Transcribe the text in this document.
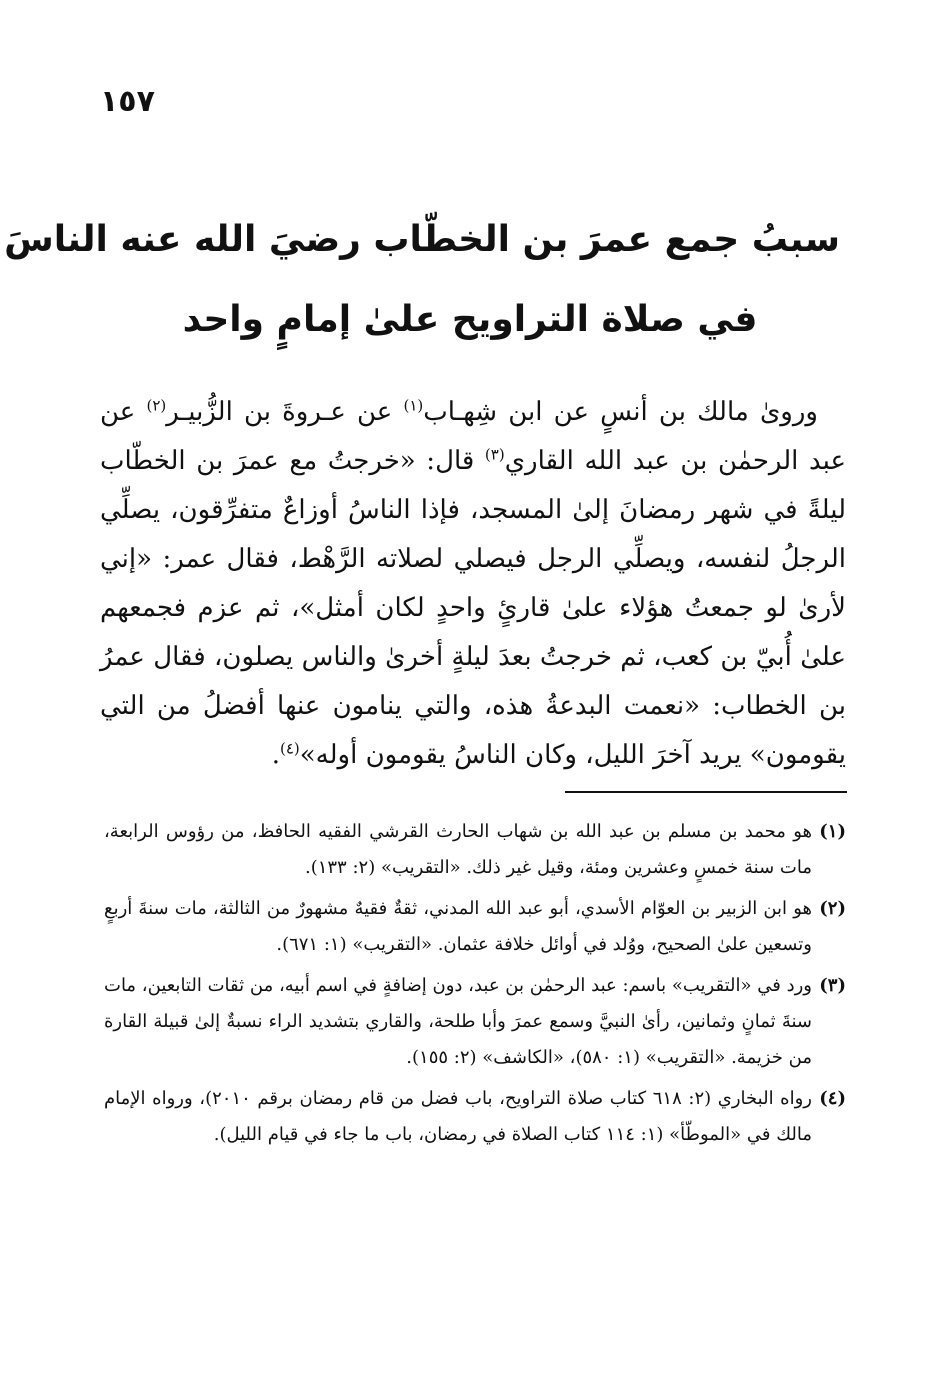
١٥٧
سببُ جمع عمرَ بن الخطّاب رضيَ الله عنه الناسَ
في صلاة التراويح علىٰ إمامٍ واحد

ورویٰ مالك بن أنسٍ عن ابن شِهـاب$^{(١)}$ عن عـروةَ بن الزُّبيـر$^{(٢)}$ عن عبد الرحمٰن بن عبد الله القاري$^{(٣)}$ قال: «خرجتُ مع عمرَ بن الخطّاب ليلةً في شهر رمضانَ إلىٰ المسجد، فإذا الناسُ أوزاعٌ متفرِّقون، يصلِّي الرجلُ لنفسه، ويصلِّي الرجل فيصلي لصلاته الرَّهْط، فقال عمر: «إني لأریٰ لو جمعتُ هؤلاء علىٰ قارئٍ واحدٍ لكان أمثل»، ثم عزم فجمعهم علىٰ أُبيّ بن كعب، ثم خرجتُ بعدَ ليلةٍ أخرىٰ والناس يصلون، فقال عمرُ بن الخطاب: «نعمت البدعةُ هذه، والتي ينامون عنها أفضلُ من التي يقومون» يريد آخرَ الليل، وكان الناسُ يقومون أوله»$^{(٤)}$.

(١)
هو محمد بن مسلم بن عبد الله بن شهاب الحارث القرشي الفقيه الحافظ، من رؤوس الرابعة، مات سنة خمسٍ وعشرين ومئة، وقيل غير ذلك. «التقريب» (٢: ١٣٣).
(٢)
هو ابن الزبير بن العوّام الأسدي، أبو عبد الله المدني، ثقةٌ فقيهٌ مشهورٌ من الثالثة، مات سنةَ أربعٍ وتسعين علىٰ الصحيح، ووُلد في أوائل خلافة عثمان. «التقريب» (١: ٦٧١).
(٣)
ورد في «التقريب» باسم: عبد الرحمٰن بن عبد، دون إضافةٍ في اسم أبيه، من ثقات التابعين، مات سنةَ ثمانٍ وثمانين، رأىٰ النبيَّ وسمع عمرَ وأبا طلحة، والقاري بتشديد الراء نسبةٌ إلىٰ قبيلة القارة من خزيمة. «التقريب» (١: ٥٨٠)، «الكاشف» (٢: ١٥٥).
(٤)
رواه البخاري (٢: ٦١٨ كتاب صلاة التراويح، باب فضل من قام رمضان برقم ٢٠١٠)، ورواه الإمام مالك في «الموطّأ» (١: ١١٤ كتاب الصلاة في رمضان، باب ما جاء في قيام الليل).
